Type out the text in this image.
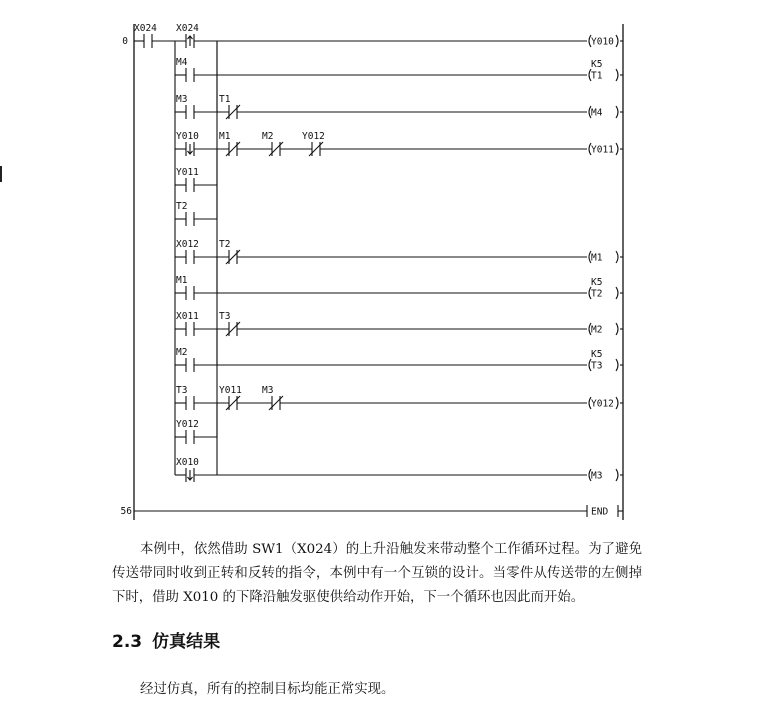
0
56
X024 X024
Y010
M4
T1
K5
M3	T1
M4
Y010 M1	M2	Y012
Y011
Y011
T2
X012 T2
M1
M1
T2
K5
X011 T3
M2
M2
T3
K5
T3	Y011 M3
Y012
Y012
X010
M3
END

本例中，依然借助 SW1（X024）的上升沿触发来带动整个工作循环过程。为了避免传送带同时收到正转和反转的指令，本例中有一个互锁的设计。当零件从传送带的左侧掉下时，借助 X010 的下降沿触发驱使供给动作开始，下一个循环也因此而开始。

2.3 仿真结果

经过仿真，所有的控制目标均能正常实现。
